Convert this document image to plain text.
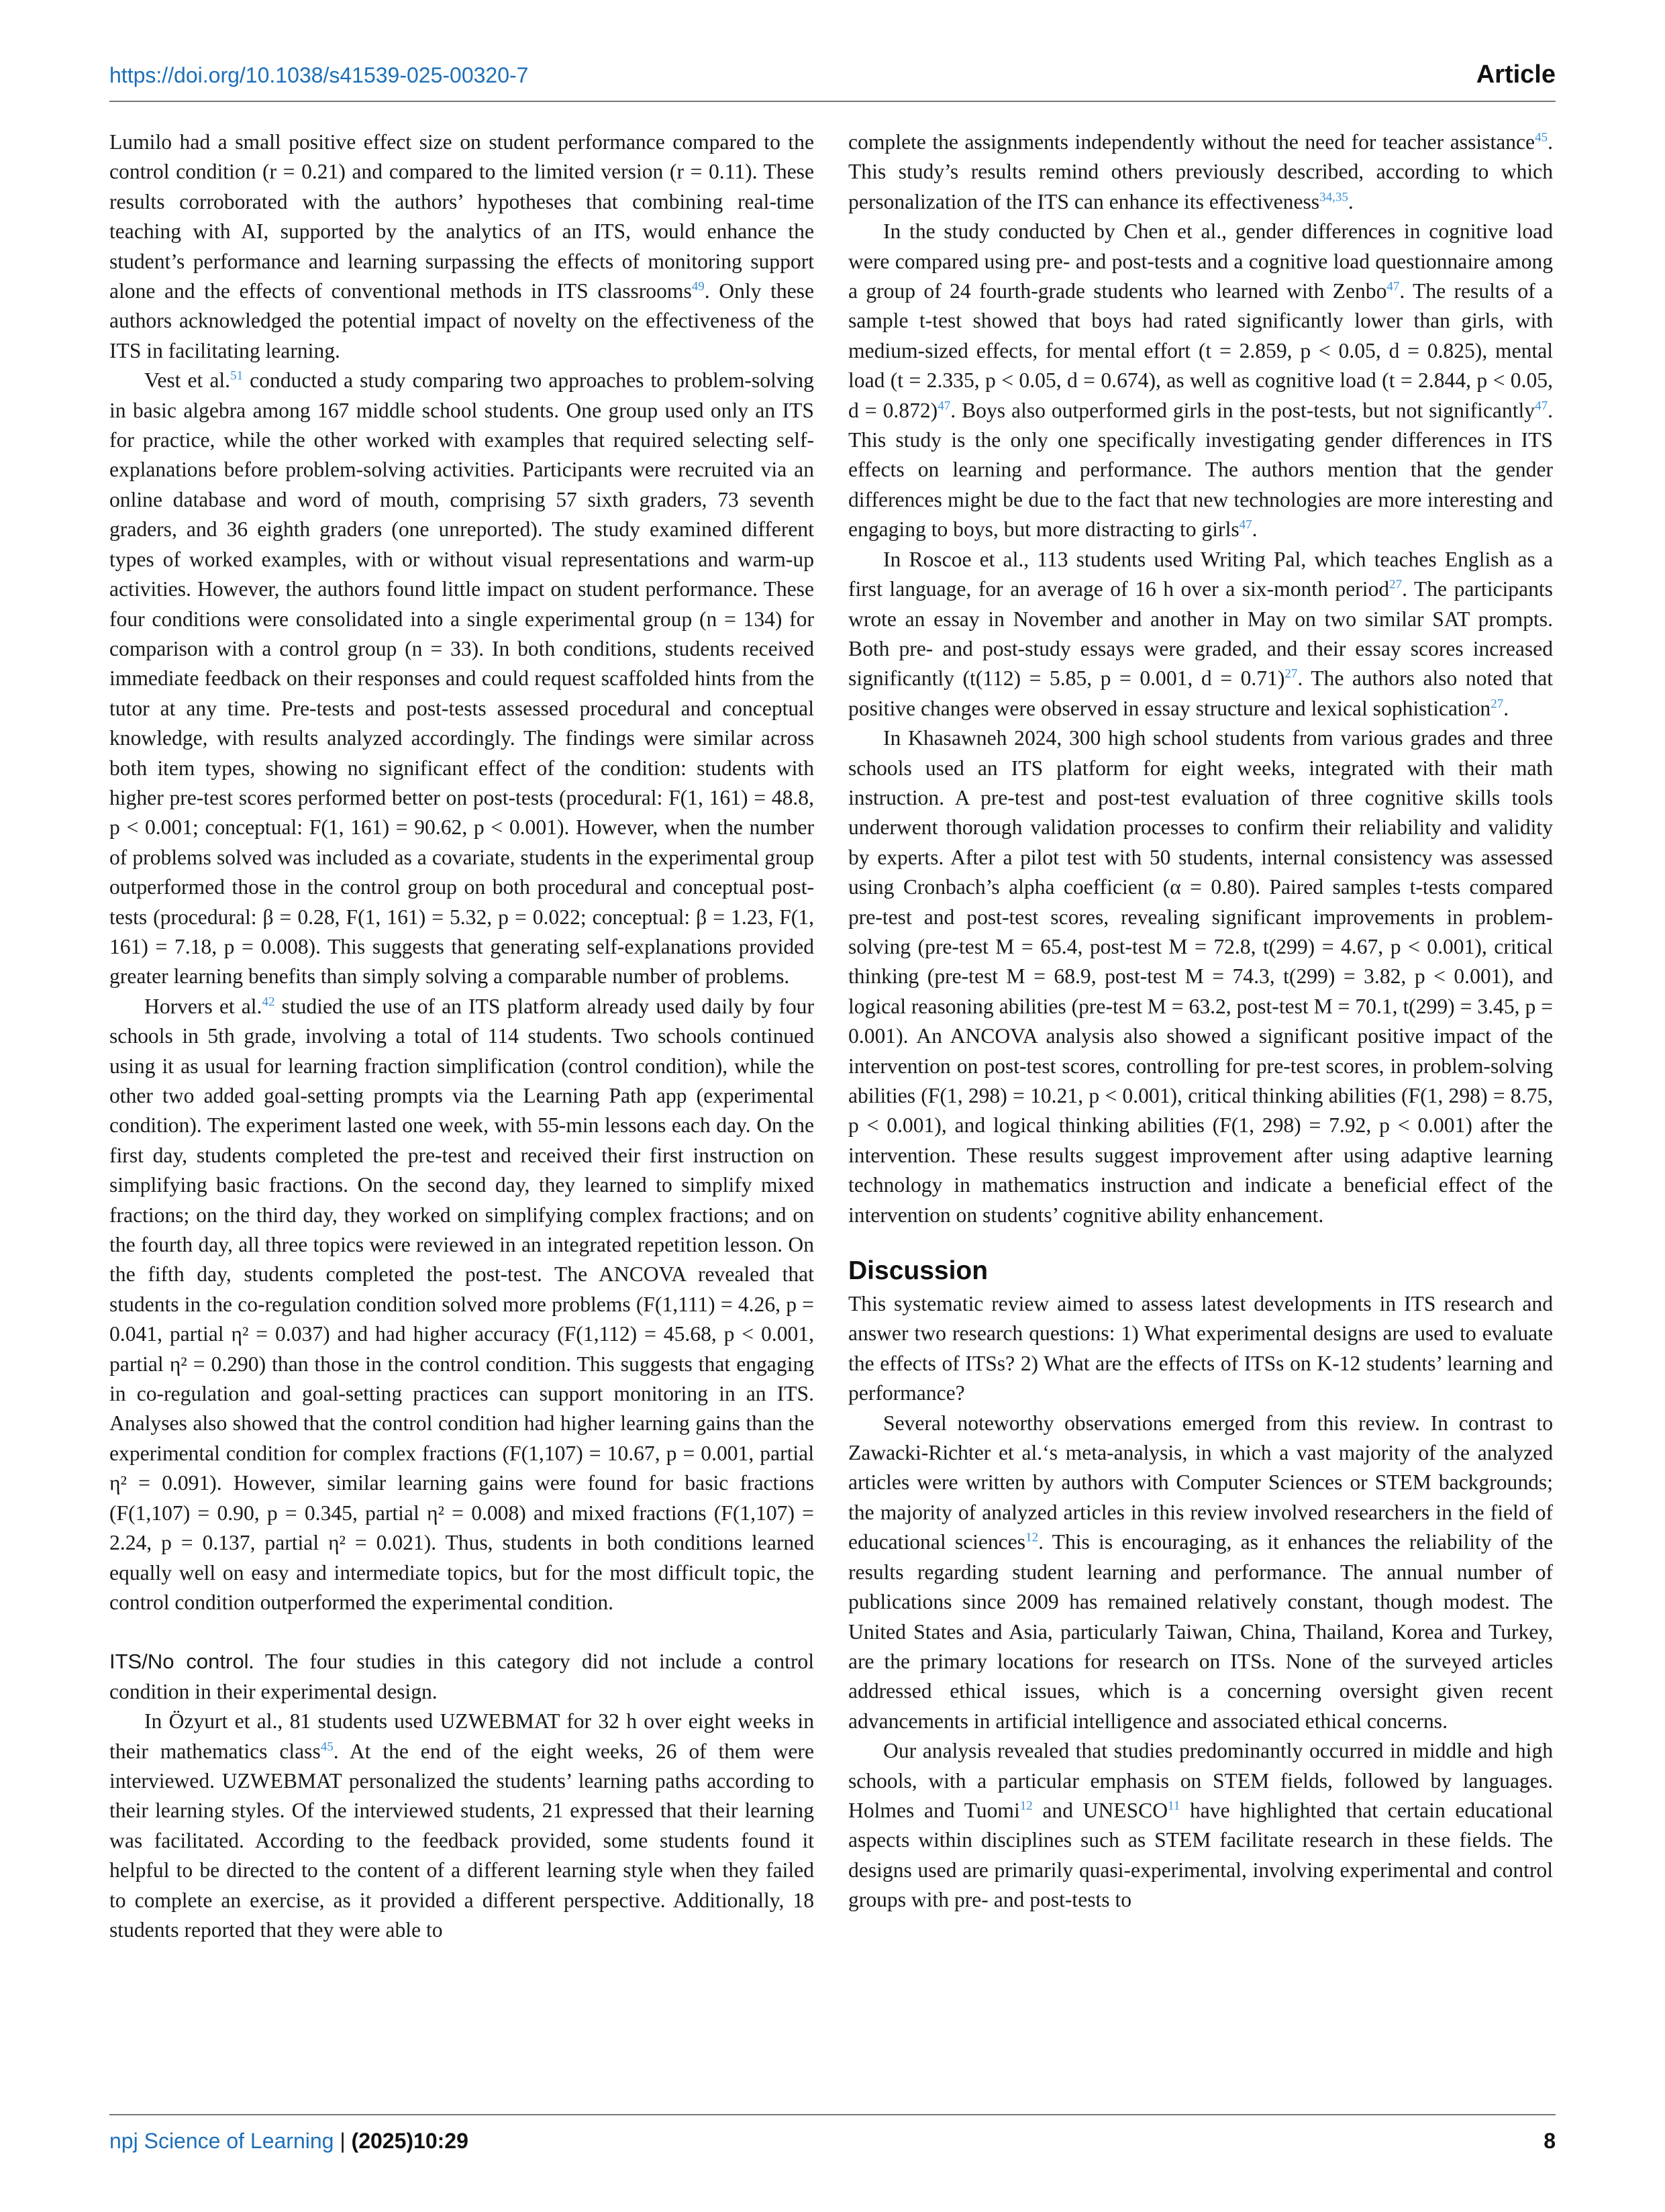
https://doi.org/10.1038/s41539-025-00320-7	Article

Lumilo had a small positive effect size on student performance compared to the control condition (r = 0.21) and compared to the limited version (r = 0.11). These results corroborated with the authors’ hypotheses that combining real-time teaching with AI, supported by the analytics of an ITS, would enhance the student’s performance and learning surpassing the effects of monitoring support alone and the effects of conventional methods in ITS classrooms$^{49}$. Only these authors acknowledged the potential impact of novelty on the effectiveness of the ITS in facilitating learning.

Vest et al.$^{51}$ conducted a study comparing two approaches to problem-solving in basic algebra among 167 middle school students. One group used only an ITS for practice, while the other worked with examples that required selecting self-explanations before problem-solving activities. Participants were recruited via an online database and word of mouth, comprising 57 sixth graders, 73 seventh graders, and 36 eighth graders (one unreported). The study examined different types of worked examples, with or without visual representations and warm-up activities. However, the authors found little impact on student performance. These four conditions were consolidated into a single experimental group (n = 134) for comparison with a control group (n = 33). In both conditions, students received immediate feedback on their responses and could request scaffolded hints from the tutor at any time. Pre-tests and post-tests assessed procedural and conceptual knowledge, with results analyzed accordingly. The findings were similar across both item types, showing no significant effect of the condition: students with higher pre-test scores performed better on post-tests (procedural: F(1, 161) = 48.8, p < 0.001; conceptual: F(1, 161) = 90.62, p < 0.001). However, when the number of problems solved was included as a covariate, students in the experimental group outperformed those in the control group on both procedural and conceptual post-tests (procedural: β = 0.28, F(1, 161) = 5.32, p = 0.022; conceptual: β = 1.23, F(1, 161) = 7.18, p = 0.008). This suggests that generating self-explanations provided greater learning benefits than simply solving a comparable number of problems.

Horvers et al.$^{42}$ studied the use of an ITS platform already used daily by four schools in 5th grade, involving a total of 114 students. Two schools continued using it as usual for learning fraction simplification (control condition), while the other two added goal-setting prompts via the Learning Path app (experimental condition). The experiment lasted one week, with 55-min lessons each day. On the first day, students completed the pre-test and received their first instruction on simplifying basic fractions. On the second day, they learned to simplify mixed fractions; on the third day, they worked on simplifying complex fractions; and on the fourth day, all three topics were reviewed in an integrated repetition lesson. On the fifth day, students completed the post-test. The ANCOVA revealed that students in the co-regulation condition solved more problems (F(1,111) = 4.26, p = 0.041, partial η² = 0.037) and had higher accuracy (F(1,112) = 45.68, p < 0.001, partial η² = 0.290) than those in the control condition. This suggests that engaging in co-regulation and goal-setting practices can support monitoring in an ITS. Analyses also showed that the control condition had higher learning gains than the experimental condition for complex fractions (F(1,107) = 10.67, p = 0.001, partial η² = 0.091). However, similar learning gains were found for basic fractions (F(1,107) = 0.90, p = 0.345, partial η² = 0.008) and mixed fractions (F(1,107) = 2.24, p = 0.137, partial η² = 0.021). Thus, students in both conditions learned equally well on easy and intermediate topics, but for the most difficult topic, the control condition outperformed the experimental condition.

ITS/No control. The four studies in this category did not include a control condition in their experimental design.

In Özyurt et al., 81 students used UZWEBMAT for 32 h over eight weeks in their mathematics class$^{45}$. At the end of the eight weeks, 26 of them were interviewed. UZWEBMAT personalized the students’ learning paths according to their learning styles. Of the interviewed students, 21 expressed that their learning was facilitated. According to the feedback provided, some students found it helpful to be directed to the content of a different learning style when they failed to complete an exercise, as it provided a different perspective. Additionally, 18 students reported that they were able to

complete the assignments independently without the need for teacher assistance$^{45}$. This study’s results remind others previously described, according to which personalization of the ITS can enhance its effectiveness$^{34,35}$.

In the study conducted by Chen et al., gender differences in cognitive load were compared using pre- and post-tests and a cognitive load questionnaire among a group of 24 fourth-grade students who learned with Zenbo$^{47}$. The results of a sample t-test showed that boys had rated significantly lower than girls, with medium-sized effects, for mental effort (t = 2.859, p < 0.05, d = 0.825), mental load (t = 2.335, p < 0.05, d = 0.674), as well as cognitive load (t = 2.844, p < 0.05, d = 0.872)$^{47}$. Boys also outperformed girls in the post-tests, but not significantly$^{47}$. This study is the only one specifically investigating gender differences in ITS effects on learning and performance. The authors mention that the gender differences might be due to the fact that new technologies are more interesting and engaging to boys, but more distracting to girls$^{47}$.

In Roscoe et al., 113 students used Writing Pal, which teaches English as a first language, for an average of 16 h over a six-month period$^{27}$. The participants wrote an essay in November and another in May on two similar SAT prompts. Both pre- and post-study essays were graded, and their essay scores increased significantly (t(112) = 5.85, p = 0.001, d = 0.71)$^{27}$. The authors also noted that positive changes were observed in essay structure and lexical sophistication$^{27}$.

In Khasawneh 2024, 300 high school students from various grades and three schools used an ITS platform for eight weeks, integrated with their math instruction. A pre-test and post-test evaluation of three cognitive skills tools underwent thorough validation processes to confirm their reliability and validity by experts. After a pilot test with 50 students, internal consistency was assessed using Cronbach’s alpha coefficient (α = 0.80). Paired samples t-tests compared pre-test and post-test scores, revealing significant improvements in problem-solving (pre-test M = 65.4, post-test M = 72.8, t(299) = 4.67, p < 0.001), critical thinking (pre-test M = 68.9, post-test M = 74.3, t(299) = 3.82, p < 0.001), and logical reasoning abilities (pre-test M = 63.2, post-test M = 70.1, t(299) = 3.45, p = 0.001). An ANCOVA analysis also showed a significant positive impact of the intervention on post-test scores, controlling for pre-test scores, in problem-solving abilities (F(1, 298) = 10.21, p < 0.001), critical thinking abilities (F(1, 298) = 8.75, p < 0.001), and logical thinking abilities (F(1, 298) = 7.92, p < 0.001) after the intervention. These results suggest improvement after using adaptive learning technology in mathematics instruction and indicate a beneficial effect of the intervention on students’ cognitive ability enhancement.

Discussion

This systematic review aimed to assess latest developments in ITS research and answer two research questions: 1) What experimental designs are used to evaluate the effects of ITSs? 2) What are the effects of ITSs on K-12 students’ learning and performance?

Several noteworthy observations emerged from this review. In contrast to Zawacki-Richter et al.‘s meta-analysis, in which a vast majority of the analyzed articles were written by authors with Computer Sciences or STEM backgrounds; the majority of analyzed articles in this review involved researchers in the field of educational sciences$^{12}$. This is encouraging, as it enhances the reliability of the results regarding student learning and performance. The annual number of publications since 2009 has remained relatively constant, though modest. The United States and Asia, particularly Taiwan, China, Thailand, Korea and Turkey, are the primary locations for research on ITSs. None of the surveyed articles addressed ethical issues, which is a concerning oversight given recent advancements in artificial intelligence and associated ethical concerns.

Our analysis revealed that studies predominantly occurred in middle and high schools, with a particular emphasis on STEM fields, followed by languages. Holmes and Tuomi$^{12}$ and UNESCO$^{11}$ have highlighted that certain educational aspects within disciplines such as STEM facilitate research in these fields. The designs used are primarily quasi-experimental, involving experimental and control groups with pre- and post-tests to

npj Science of Learning | (2025)10:29	8
